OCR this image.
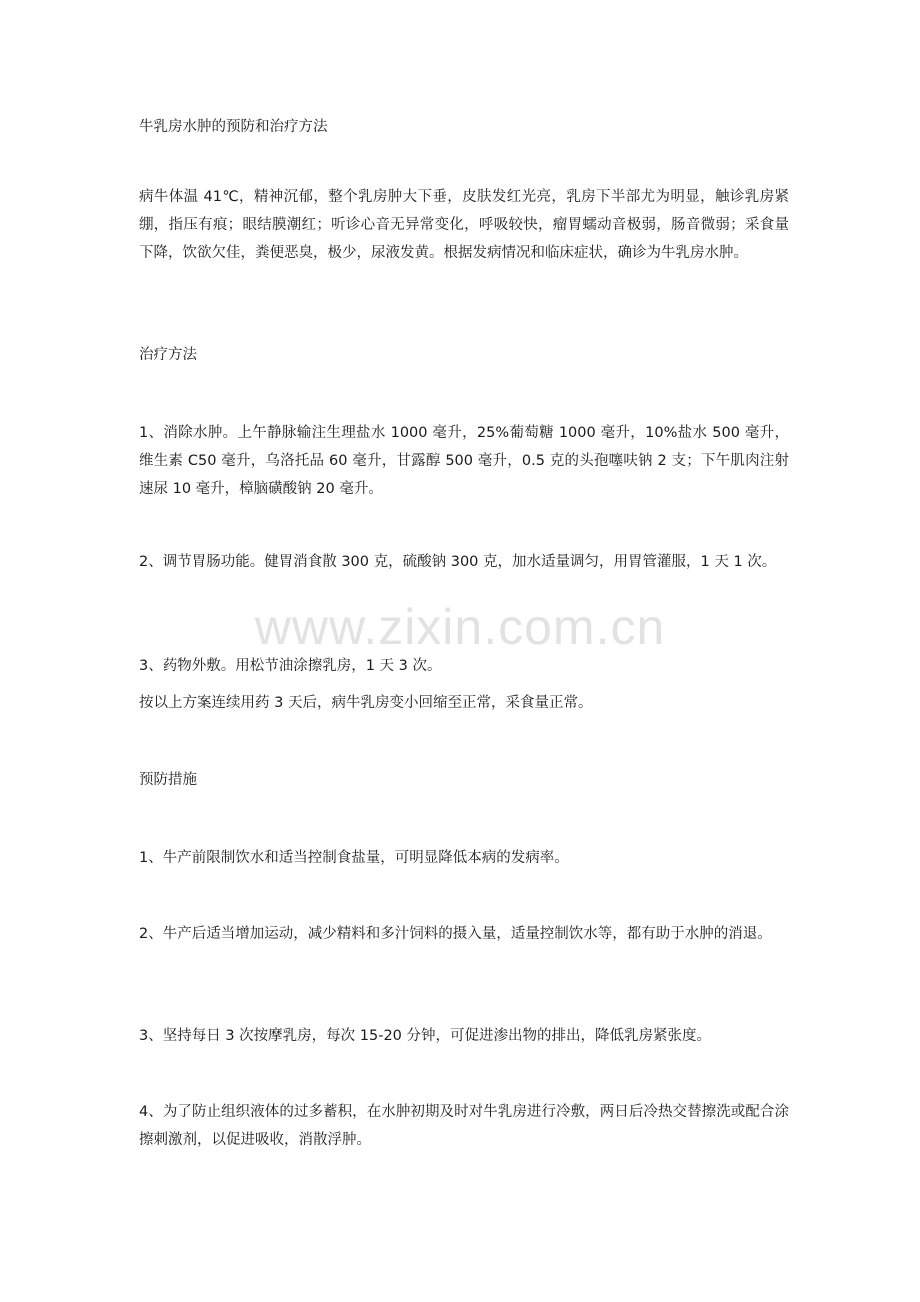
牛乳房水肿的预防和治疗方法

病牛体温 41℃，精神沉郁，整个乳房肿大下垂，皮肤发红光亮，乳房下半部尤为明显，触诊乳房紧绷，指压有痕；眼结膜潮红；听诊心音无异常变化，呼吸较快，瘤胃蠕动音极弱，肠音微弱；采食量下降，饮欲欠佳，粪便恶臭，极少，尿液发黄。根据发病情况和临床症状，确诊为牛乳房水肿。

治疗方法

1、消除水肿。上午静脉输注生理盐水 1000 毫升，25%葡萄糖 1000 毫升，10%盐水 500 毫升，维生素 C50 毫升，乌洛托品 60 毫升，甘露醇 500 毫升，0.5 克的头孢噻呋钠 2 支；下午肌肉注射速尿 10 毫升，樟脑磺酸钠 20 毫升。

2、调节胃肠功能。健胃消食散 300 克，硫酸钠 300 克，加水适量调匀，用胃管灌服，1 天 1 次。

3、药物外敷。用松节油涂擦乳房，1 天 3 次。

按以上方案连续用药 3 天后，病牛乳房变小回缩至正常，采食量正常。

预防措施

1、牛产前限制饮水和适当控制食盐量，可明显降低本病的发病率。

2、牛产后适当增加运动，减少精料和多汁饲料的摄入量，适量控制饮水等，都有助于水肿的消退。

3、坚持每日 3 次按摩乳房，每次 15-20 分钟，可促进渗出物的排出，降低乳房紧张度。

4、为了防止组织液体的过多蓄积，在水肿初期及时对牛乳房进行冷敷，两日后冷热交替擦洗或配合涂擦刺激剂，以促进吸收，消散浮肿。

www.zixin.com.cn
